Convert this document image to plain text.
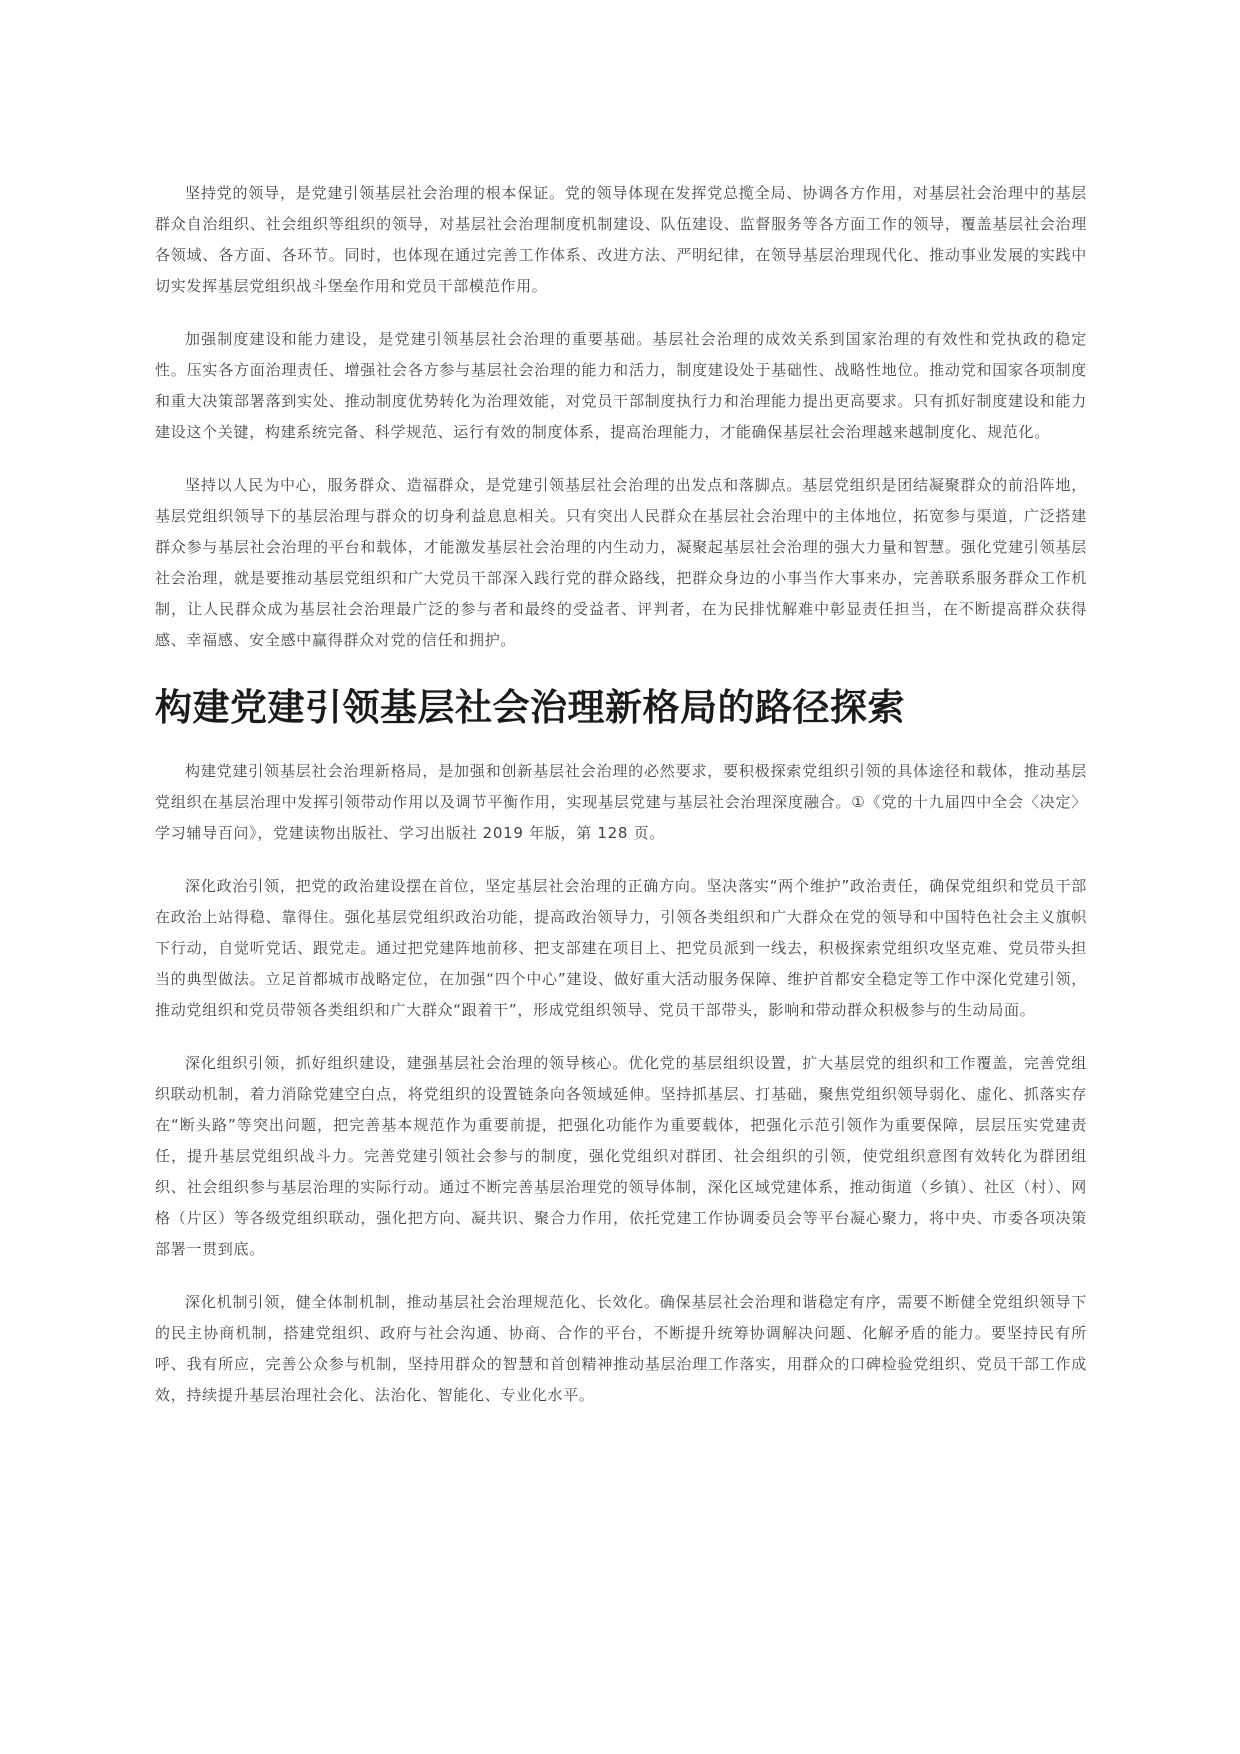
坚持党的领导，是党建引领基层社会治理的根本保证。党的领导体现在发挥党总揽全局、协调各方作用，对基层社会治理中的基层群众自治组织、社会组织等组织的领导，对基层社会治理制度机制建设、队伍建设、监督服务等各方面工作的领导，覆盖基层社会治理各领域、各方面、各环节。同时，也体现在通过完善工作体系、改进方法、严明纪律，在领导基层治理现代化、推动事业发展的实践中切实发挥基层党组织战斗堡垒作用和党员干部模范作用。

加强制度建设和能力建设，是党建引领基层社会治理的重要基础。基层社会治理的成效关系到国家治理的有效性和党执政的稳定性。压实各方面治理责任、增强社会各方参与基层社会治理的能力和活力，制度建设处于基础性、战略性地位。推动党和国家各项制度和重大决策部署落到实处、推动制度优势转化为治理效能，对党员干部制度执行力和治理能力提出更高要求。只有抓好制度建设和能力建设这个关键，构建系统完备、科学规范、运行有效的制度体系，提高治理能力，才能确保基层社会治理越来越制度化、规范化。

坚持以人民为中心，服务群众、造福群众，是党建引领基层社会治理的出发点和落脚点。基层党组织是团结凝聚群众的前沿阵地，基层党组织领导下的基层治理与群众的切身利益息息相关。只有突出人民群众在基层社会治理中的主体地位，拓宽参与渠道，广泛搭建群众参与基层社会治理的平台和载体，才能激发基层社会治理的内生动力，凝聚起基层社会治理的强大力量和智慧。强化党建引领基层社会治理，就是要推动基层党组织和广大党员干部深入践行党的群众路线，把群众身边的小事当作大事来办，完善联系服务群众工作机制，让人民群众成为基层社会治理最广泛的参与者和最终的受益者、评判者，在为民排忧解难中彰显责任担当，在不断提高群众获得感、幸福感、安全感中赢得群众对党的信任和拥护。

构建党建引领基层社会治理新格局的路径探索

构建党建引领基层社会治理新格局，是加强和创新基层社会治理的必然要求，要积极探索党组织引领的具体途径和载体，推动基层党组织在基层治理中发挥引领带动作用以及调节平衡作用，实现基层党建与基层社会治理深度融合。①《党的十九届四中全会〈决定〉学习辅导百问》，党建读物出版社、学习出版社 2019 年版，第 128 页。

深化政治引领，把党的政治建设摆在首位，坚定基层社会治理的正确方向。坚决落实“两个维护”政治责任，确保党组织和党员干部在政治上站得稳、靠得住。强化基层党组织政治功能，提高政治领导力，引领各类组织和广大群众在党的领导和中国特色社会主义旗帜下行动，自觉听党话、跟党走。通过把党建阵地前移、把支部建在项目上、把党员派到一线去，积极探索党组织攻坚克难、党员带头担当的典型做法。立足首都城市战略定位，在加强“四个中心”建设、做好重大活动服务保障、维护首都安全稳定等工作中深化党建引领，推动党组织和党员带领各类组织和广大群众“跟着干”，形成党组织领导、党员干部带头，影响和带动群众积极参与的生动局面。

深化组织引领，抓好组织建设，建强基层社会治理的领导核心。优化党的基层组织设置，扩大基层党的组织和工作覆盖，完善党组织联动机制，着力消除党建空白点，将党组织的设置链条向各领域延伸。坚持抓基层、打基础，聚焦党组织领导弱化、虚化、抓落实存在“断头路”等突出问题，把完善基本规范作为重要前提，把强化功能作为重要载体，把强化示范引领作为重要保障，层层压实党建责任，提升基层党组织战斗力。完善党建引领社会参与的制度，强化党组织对群团、社会组织的引领，使党组织意图有效转化为群团组织、社会组织参与基层治理的实际行动。通过不断完善基层治理党的领导体制，深化区域党建体系，推动街道（乡镇）、社区（村）、网格（片区）等各级党组织联动，强化把方向、凝共识、聚合力作用，依托党建工作协调委员会等平台凝心聚力，将中央、市委各项决策部署一贯到底。

深化机制引领，健全体制机制，推动基层社会治理规范化、长效化。确保基层社会治理和谐稳定有序，需要不断健全党组织领导下的民主协商机制，搭建党组织、政府与社会沟通、协商、合作的平台，不断提升统筹协调解决问题、化解矛盾的能力。要坚持民有所呼、我有所应，完善公众参与机制，坚持用群众的智慧和首创精神推动基层治理工作落实，用群众的口碑检验党组织、党员干部工作成效，持续提升基层治理社会化、法治化、智能化、专业化水平。
